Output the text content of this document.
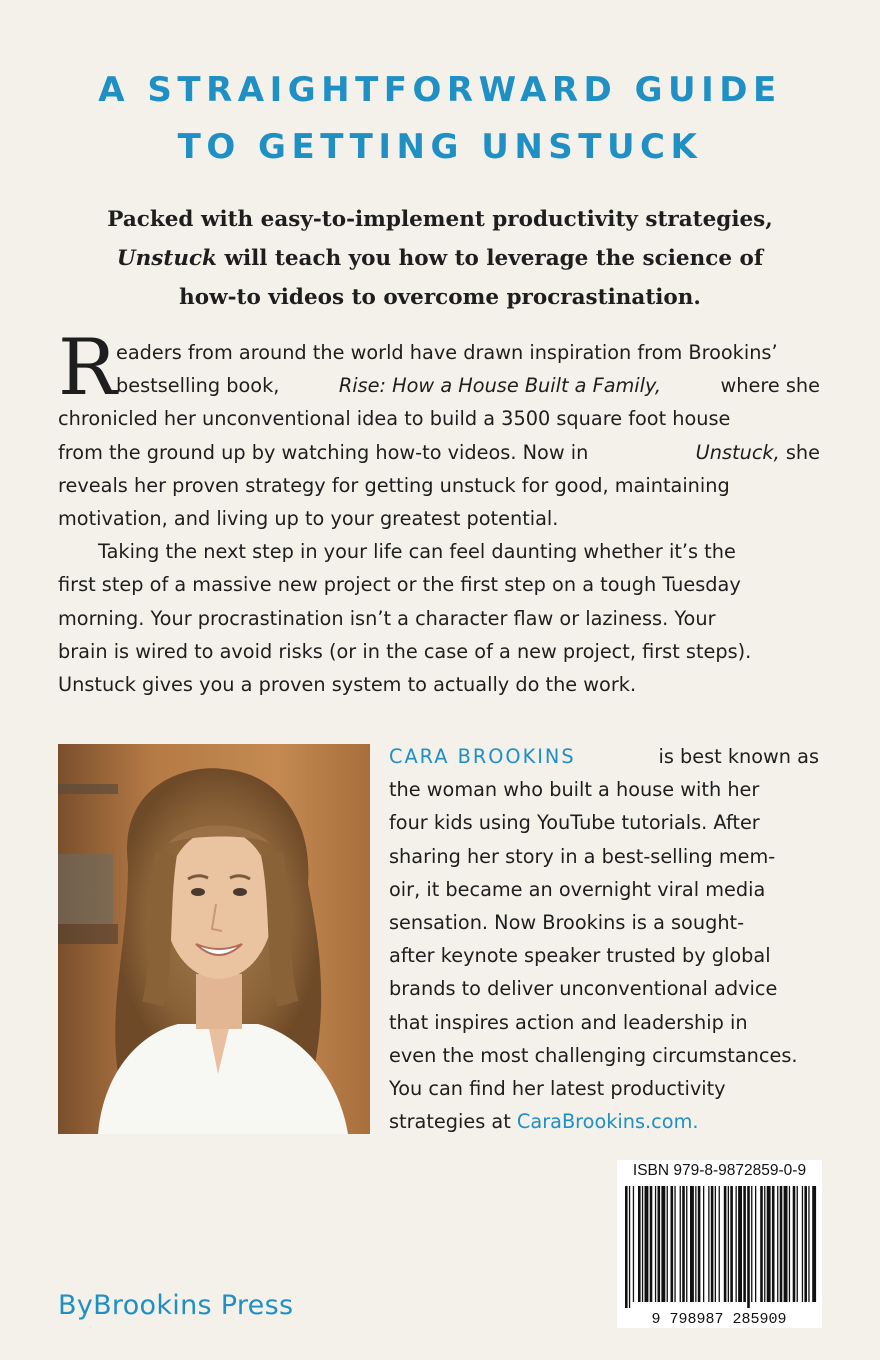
A STRAIGHTFORWARD GUIDE
TO GETTING UNSTUCK

Packed with easy-to-implement productivity strategies,
Unstuck will teach you how to leverage the science of
how-to videos to overcome procrastination.

R eaders from around the world have drawn inspiration from Brookins’
bestselling book,	Rise: How a House Built a Family,	where she
chronicled her unconventional idea to build a 3500 square foot house
from the ground up by watching how-to videos. Now in	Unstuck, she
reveals her proven strategy for getting unstuck for good, maintaining
motivation, and living up to your greatest potential.
Taking the next step in your life can feel daunting whether it’s the
first step of a massive new project or the first step on a tough Tuesday
morning. Your procrastination isn’t a character flaw or laziness. Your
brain is wired to avoid risks (or in the case of a new project, first steps).
Unstuck gives you a proven system to actually do the work.
CARA BROOKINS	is best known as
the woman who built a house with her
four kids using YouTube tutorials. After
sharing her story in a best-selling mem-
oir, it became an overnight viral media
sensation. Now Brookins is a sought-
after keynote speaker trusted by global
brands to deliver unconventional advice
that inspires action and leadership in
even the most challenging circumstances.
You can find her latest productivity
strategies at CaraBrookins.com.
ISBN 979-8-9872859-0-9
9 798987 285909
ByBrookins Press
